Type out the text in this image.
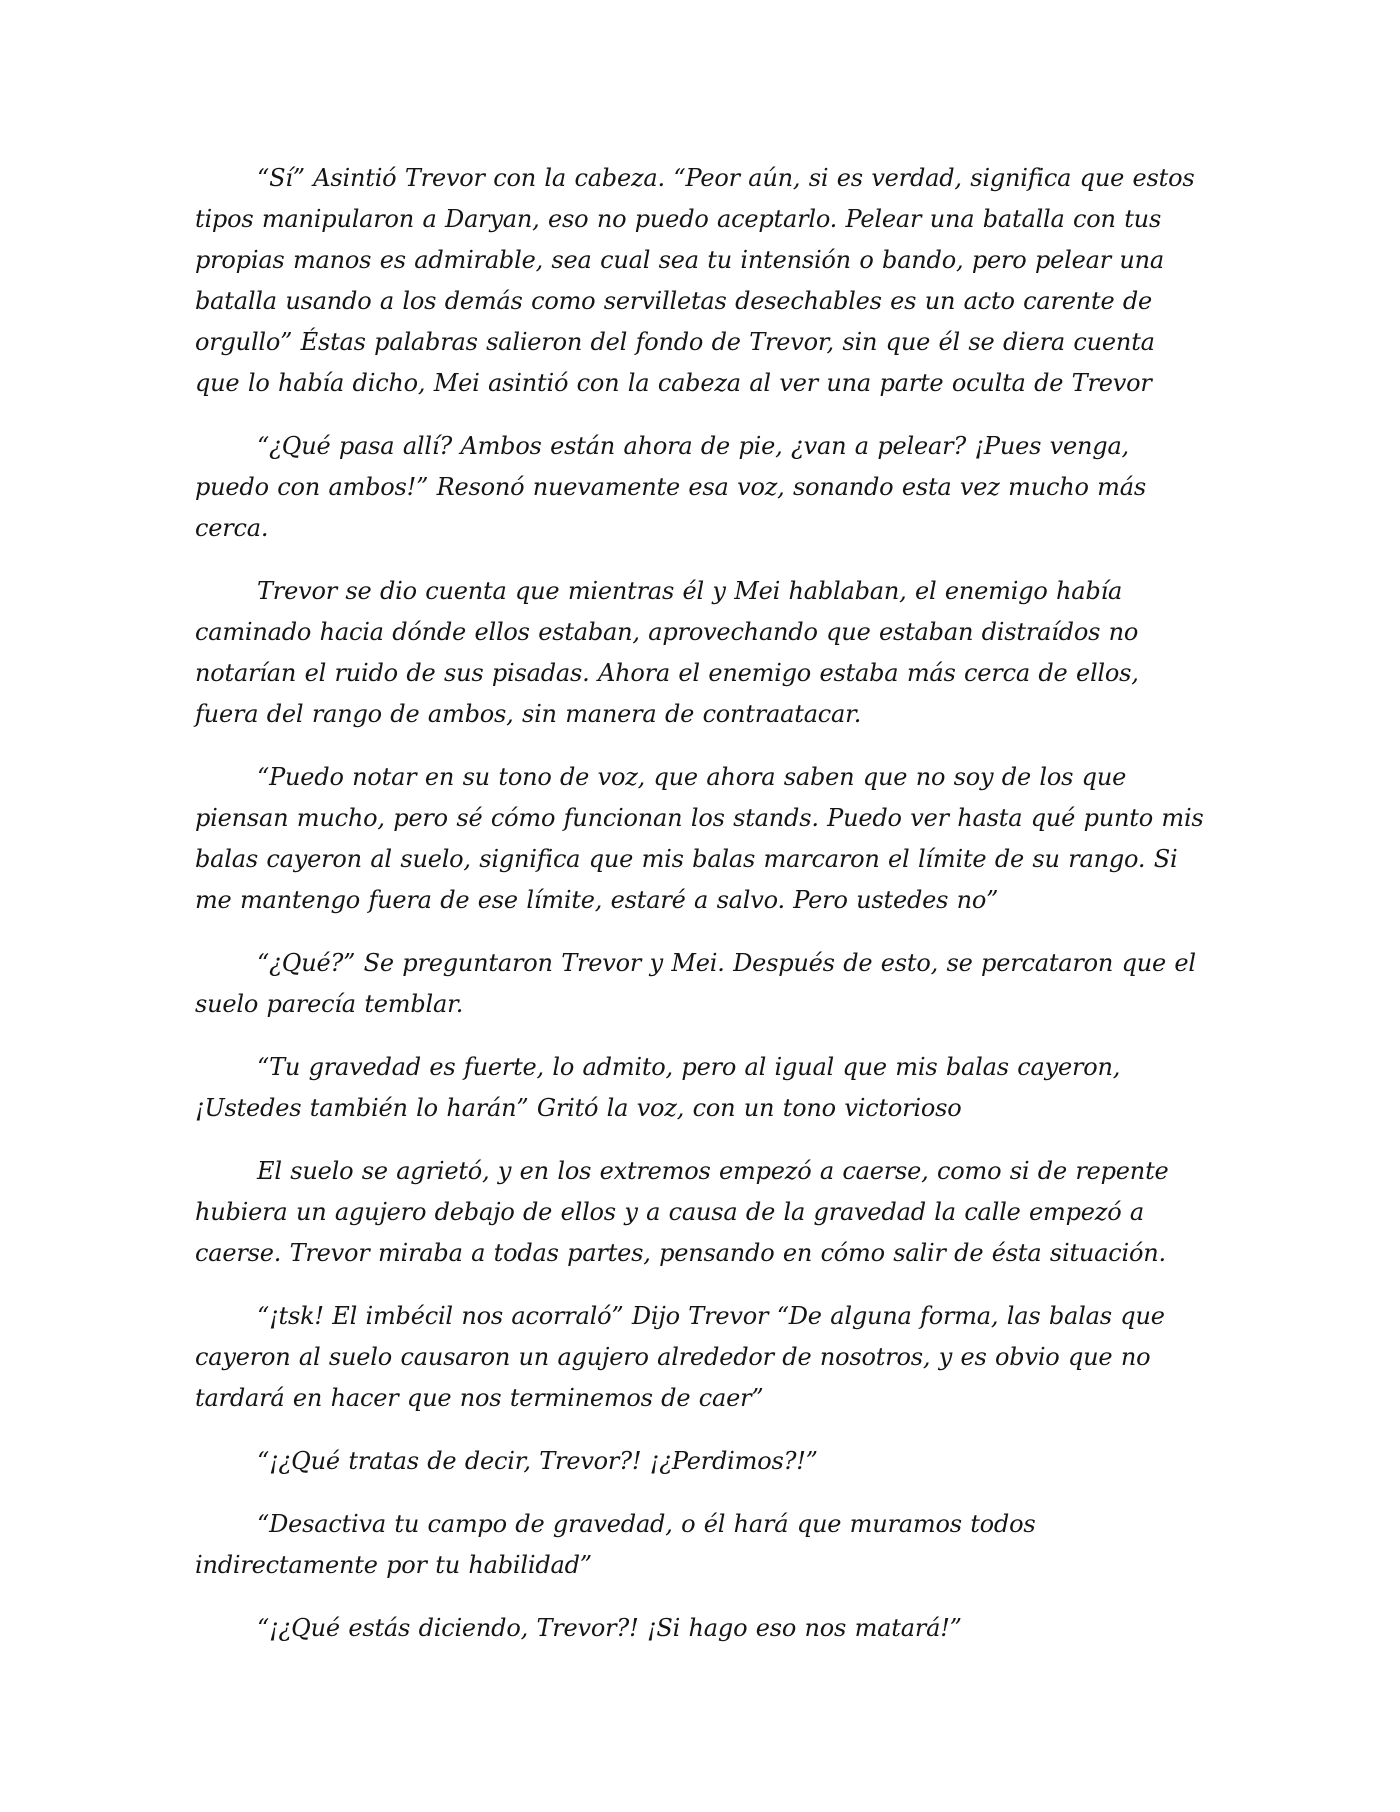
“Sí” Asintió Trevor con la cabeza. “Peor aún, si es verdad, significa que estos tipos manipularon a Daryan, eso no puedo aceptarlo. Pelear una batalla con tus propias manos es admirable, sea cual sea tu intensión o bando, pero pelear una batalla usando a los demás como servilletas desechables es un acto carente de orgullo” Éstas palabras salieron del fondo de Trevor, sin que él se diera cuenta que lo había dicho, Mei asintió con la cabeza al ver una parte oculta de Trevor

“¿Qué pasa allí? Ambos están ahora de pie, ¿van a pelear? ¡Pues venga, puedo con ambos!” Resonó nuevamente esa voz, sonando esta vez mucho más cerca.

Trevor se dio cuenta que mientras él y Mei hablaban, el enemigo había caminado hacia dónde ellos estaban, aprovechando que estaban distraídos no notarían el ruido de sus pisadas. Ahora el enemigo estaba más cerca de ellos, fuera del rango de ambos, sin manera de contraatacar.

“Puedo notar en su tono de voz, que ahora saben que no soy de los que piensan mucho, pero sé cómo funcionan los stands. Puedo ver hasta qué punto mis balas cayeron al suelo, significa que mis balas marcaron el límite de su rango. Si me mantengo fuera de ese límite, estaré a salvo. Pero ustedes no”

“¿Qué?” Se preguntaron Trevor y Mei. Después de esto, se percataron que el suelo parecía temblar.

“Tu gravedad es fuerte, lo admito, pero al igual que mis balas cayeron, ¡Ustedes también lo harán” Gritó la voz, con un tono victorioso

El suelo se agrietó, y en los extremos empezó a caerse, como si de repente hubiera un agujero debajo de ellos y a causa de la gravedad la calle empezó a caerse. Trevor miraba a todas partes, pensando en cómo salir de ésta situación.

“¡tsk! El imbécil nos acorraló” Dijo Trevor “De alguna forma, las balas que cayeron al suelo causaron un agujero alrededor de nosotros, y es obvio que no tardará en hacer que nos terminemos de caer”

“¡¿Qué tratas de decir, Trevor?! ¡¿Perdimos?!”

“Desactiva tu campo de gravedad, o él hará que muramos todos indirectamente por tu habilidad”

“¡¿Qué estás diciendo, Trevor?! ¡Si hago eso nos matará!”
